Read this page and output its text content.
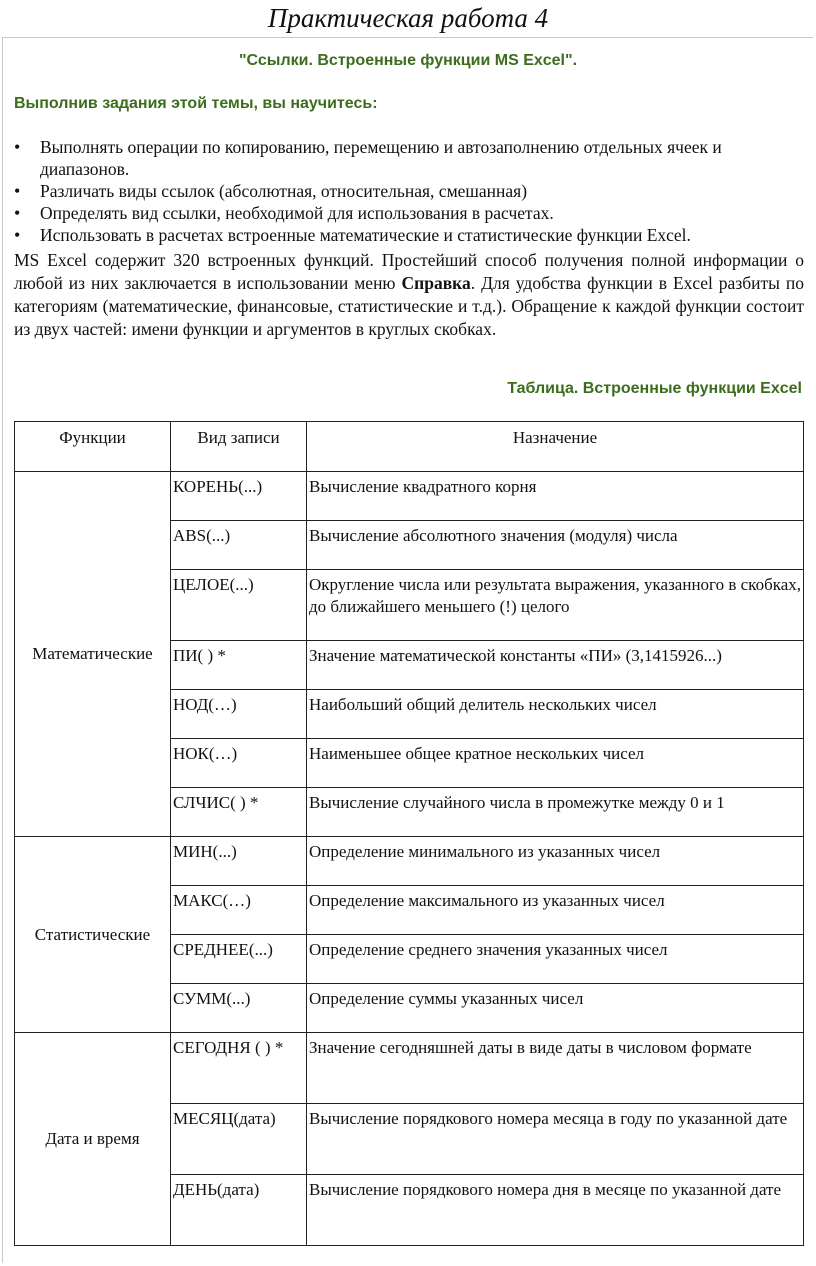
Практическая работа 4
"Ссылки. Встроенные функции MS Excel".
Выполнив задания этой темы, вы научитесь:
• Выполнять операции по копированию, перемещению и автозаполнению отдельных ячеек и диапазонов.
• Различать виды ссылок (абсолютная, относительная, смешанная)
• Определять вид ссылки, необходимой для использования в расчетах.
• Использовать в расчетах встроенные математические и статистические функции Excel.

MS Excel содержит 320 встроенных функций. Простейший способ получения полной информации о любой из них заключается в использовании меню Справка. Для удобства функции в Excel разбиты по категориям (математические, финансовые, статистические и т.д.). Обращение к каждой функции состоит из двух частей: имени функции и аргументов в круглых скобках.

Таблица. Встроенные функции Excel
Функции	Вид записи	Назначение
Математические	КОРЕНЬ(...)	Вычисление квадратного корня
	ABS(...)	Вычисление абсолютного значения (модуля) числа
	ЦЕЛОЕ(...)	Округление числа или результата выражения, указанного в скобках, до ближайшего меньшего (!) целого
	ПИ( ) *	Значение математической константы «ПИ» (3,1415926...)
	НОД(…)	Наибольший общий делитель нескольких чисел
	НОК(…)	Наименьшее общее кратное нескольких чисел
	СЛЧИС( ) *	Вычисление случайного числа в промежутке между 0 и 1
Статистические	МИН(...)	Определение минимального из указанных чисел
	МАКС(…)	Определение максимального из указанных чисел
	СРЕДНЕЕ(...)	Определение среднего значения указанных чисел
	СУММ(...)	Определение суммы указанных чисел
Дата и время	СЕГОДНЯ ( ) *	Значение сегодняшней даты в виде даты в числовом формате
	МЕСЯЦ(дата)	Вычисление порядкового номера месяца в году по указанной дате
	ДЕНЬ(дата)	Вычисление порядкового номера дня в месяце по указанной дате
